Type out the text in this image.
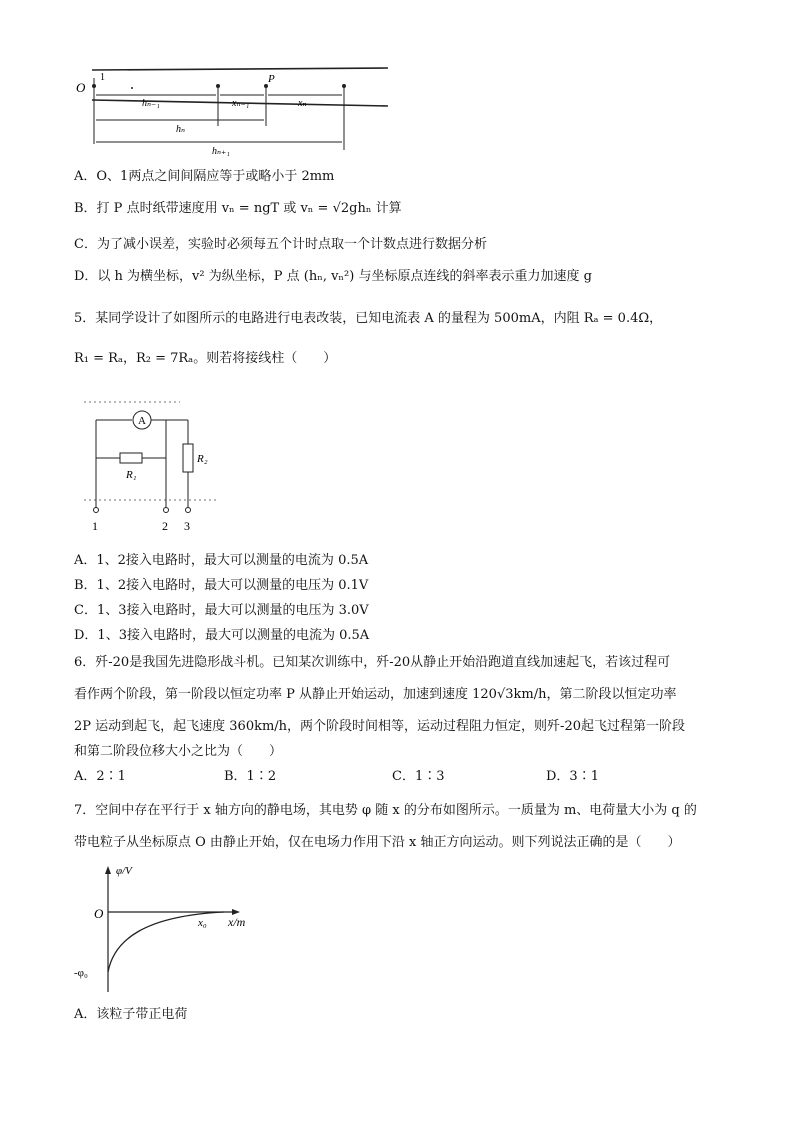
O
1	P
hₙ₋₁	xₙ₋₁	xₙ
hₙ
hₙ₊₁
A．O、1两点之间间隔应等于或略小于 2mm
B．打 P 点时纸带速度用 vₙ = ngT 或 vₙ = √2ghₙ 计算
C．为了减小误差，实验时必须每五个计时点取一个计数点进行数据分析
D．以 h 为横坐标，v² 为纵坐标，P 点 (hₙ, vₙ²) 与坐标原点连线的斜率表示重力加速度 g
5．某同学设计了如图所示的电路进行电表改装，已知电流表 A 的量程为 500mA，内阻 Rₐ = 0.4Ω，
R₁ = Rₐ，R₂ = 7Rₐ。则若将接线柱（　　）
A
R₁
R₂
1	2 3
A．1、2接入电路时，最大可以测量的电流为 0.5A
B．1、2接入电路时，最大可以测量的电压为 0.1V
C．1、3接入电路时，最大可以测量的电压为 3.0V
D．1、3接入电路时，最大可以测量的电流为 0.5A
6．歼-20是我国先进隐形战斗机。已知某次训练中，歼-20从静止开始沿跑道直线加速起飞，若该过程可
看作两个阶段，第一阶段以恒定功率 P 从静止开始运动，加速到速度 120√3km/h，第二阶段以恒定功率
2P 运动到起飞，起飞速度 360km/h，两个阶段时间相等，运动过程阻力恒定，则歼-20起飞过程第一阶段
和第二阶段位移大小之比为（　　）
A．2∶1	B．1∶2	C．1∶3	D．3∶1
7．空间中存在平行于 x 轴方向的静电场，其电势 φ 随 x 的分布如图所示。一质量为 m、电荷量大小为 q 的
带电粒子从坐标原点 O 由静止开始，仅在电场力作用下沿 x 轴正方向运动。则下列说法正确的是（　　）
φ/V
x/m
O
x₀
-φ₀
A．该粒子带正电荷
